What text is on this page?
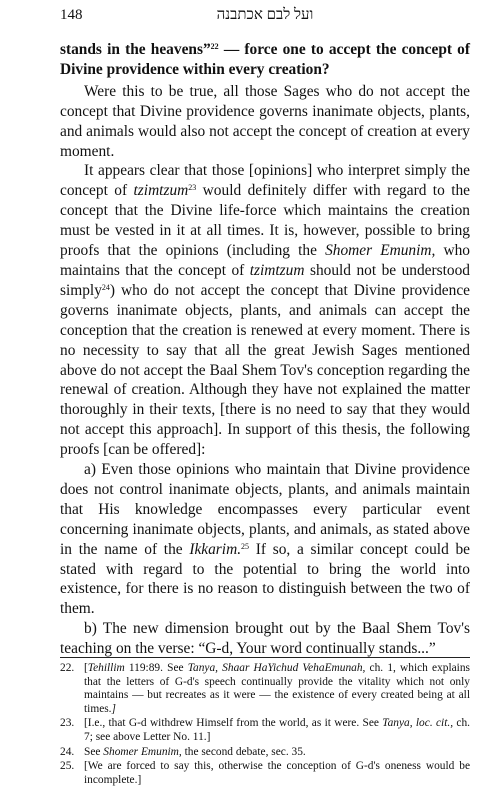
148	ועל לבם אכתבנה

stands in the heavens”$^{22}$ — force one to accept the concept of Divine providence within every creation?

Were this to be true, all those Sages who do not accept the concept that Divine providence governs inanimate objects, plants, and animals would also not accept the concept of creation at every moment.

It appears clear that those [opinions] who interpret simply the concept of tzimtzum$^{23}$ would definitely differ with regard to the concept that the Divine life-force which maintains the creation must be vested in it at all times. It is, however, possible to bring proofs that the opinions (including the Shomer Emunim, who maintains that the concept of tzimtzum should not be understood simply$^{24}$) who do not accept the concept that Divine providence governs inanimate objects, plants, and animals can accept the conception that the creation is renewed at every moment. There is no necessity to say that all the great Jewish Sages mentioned above do not accept the Baal Shem Tov's conception regarding the renewal of creation. Although they have not explained the matter thoroughly in their texts, [there is no need to say that they would not accept this approach]. In support of this thesis, the following proofs [can be offered]:

a) Even those opinions who maintain that Divine providence does not control inanimate objects, plants, and animals maintain that His knowledge encompasses every particular event concerning inanimate objects, plants, and animals, as stated above in the name of the Ikkarim.$^{25}$ If so, a similar concept could be stated with regard to the potential to bring the world into existence, for there is no reason to distinguish between the two of them.

b) The new dimension brought out by the Baal Shem Tov's teaching on the verse: “G-d, Your word continually stands...”

22. [Tehillim 119:89. See Tanya, Shaar HaYichud VehaEmunah, ch. 1, which explains that the letters of G-d's speech continually provide the vitality which not only maintains — but recreates as it were — the existence of every created being at all times.]
23. [I.e., that G-d withdrew Himself from the world, as it were. See Tanya, loc. cit., ch. 7; see above Letter No. 11.]
24. See Shomer Emunim, the second debate, sec. 35.
25. [We are forced to say this, otherwise the conception of G-d's oneness would be incomplete.]
